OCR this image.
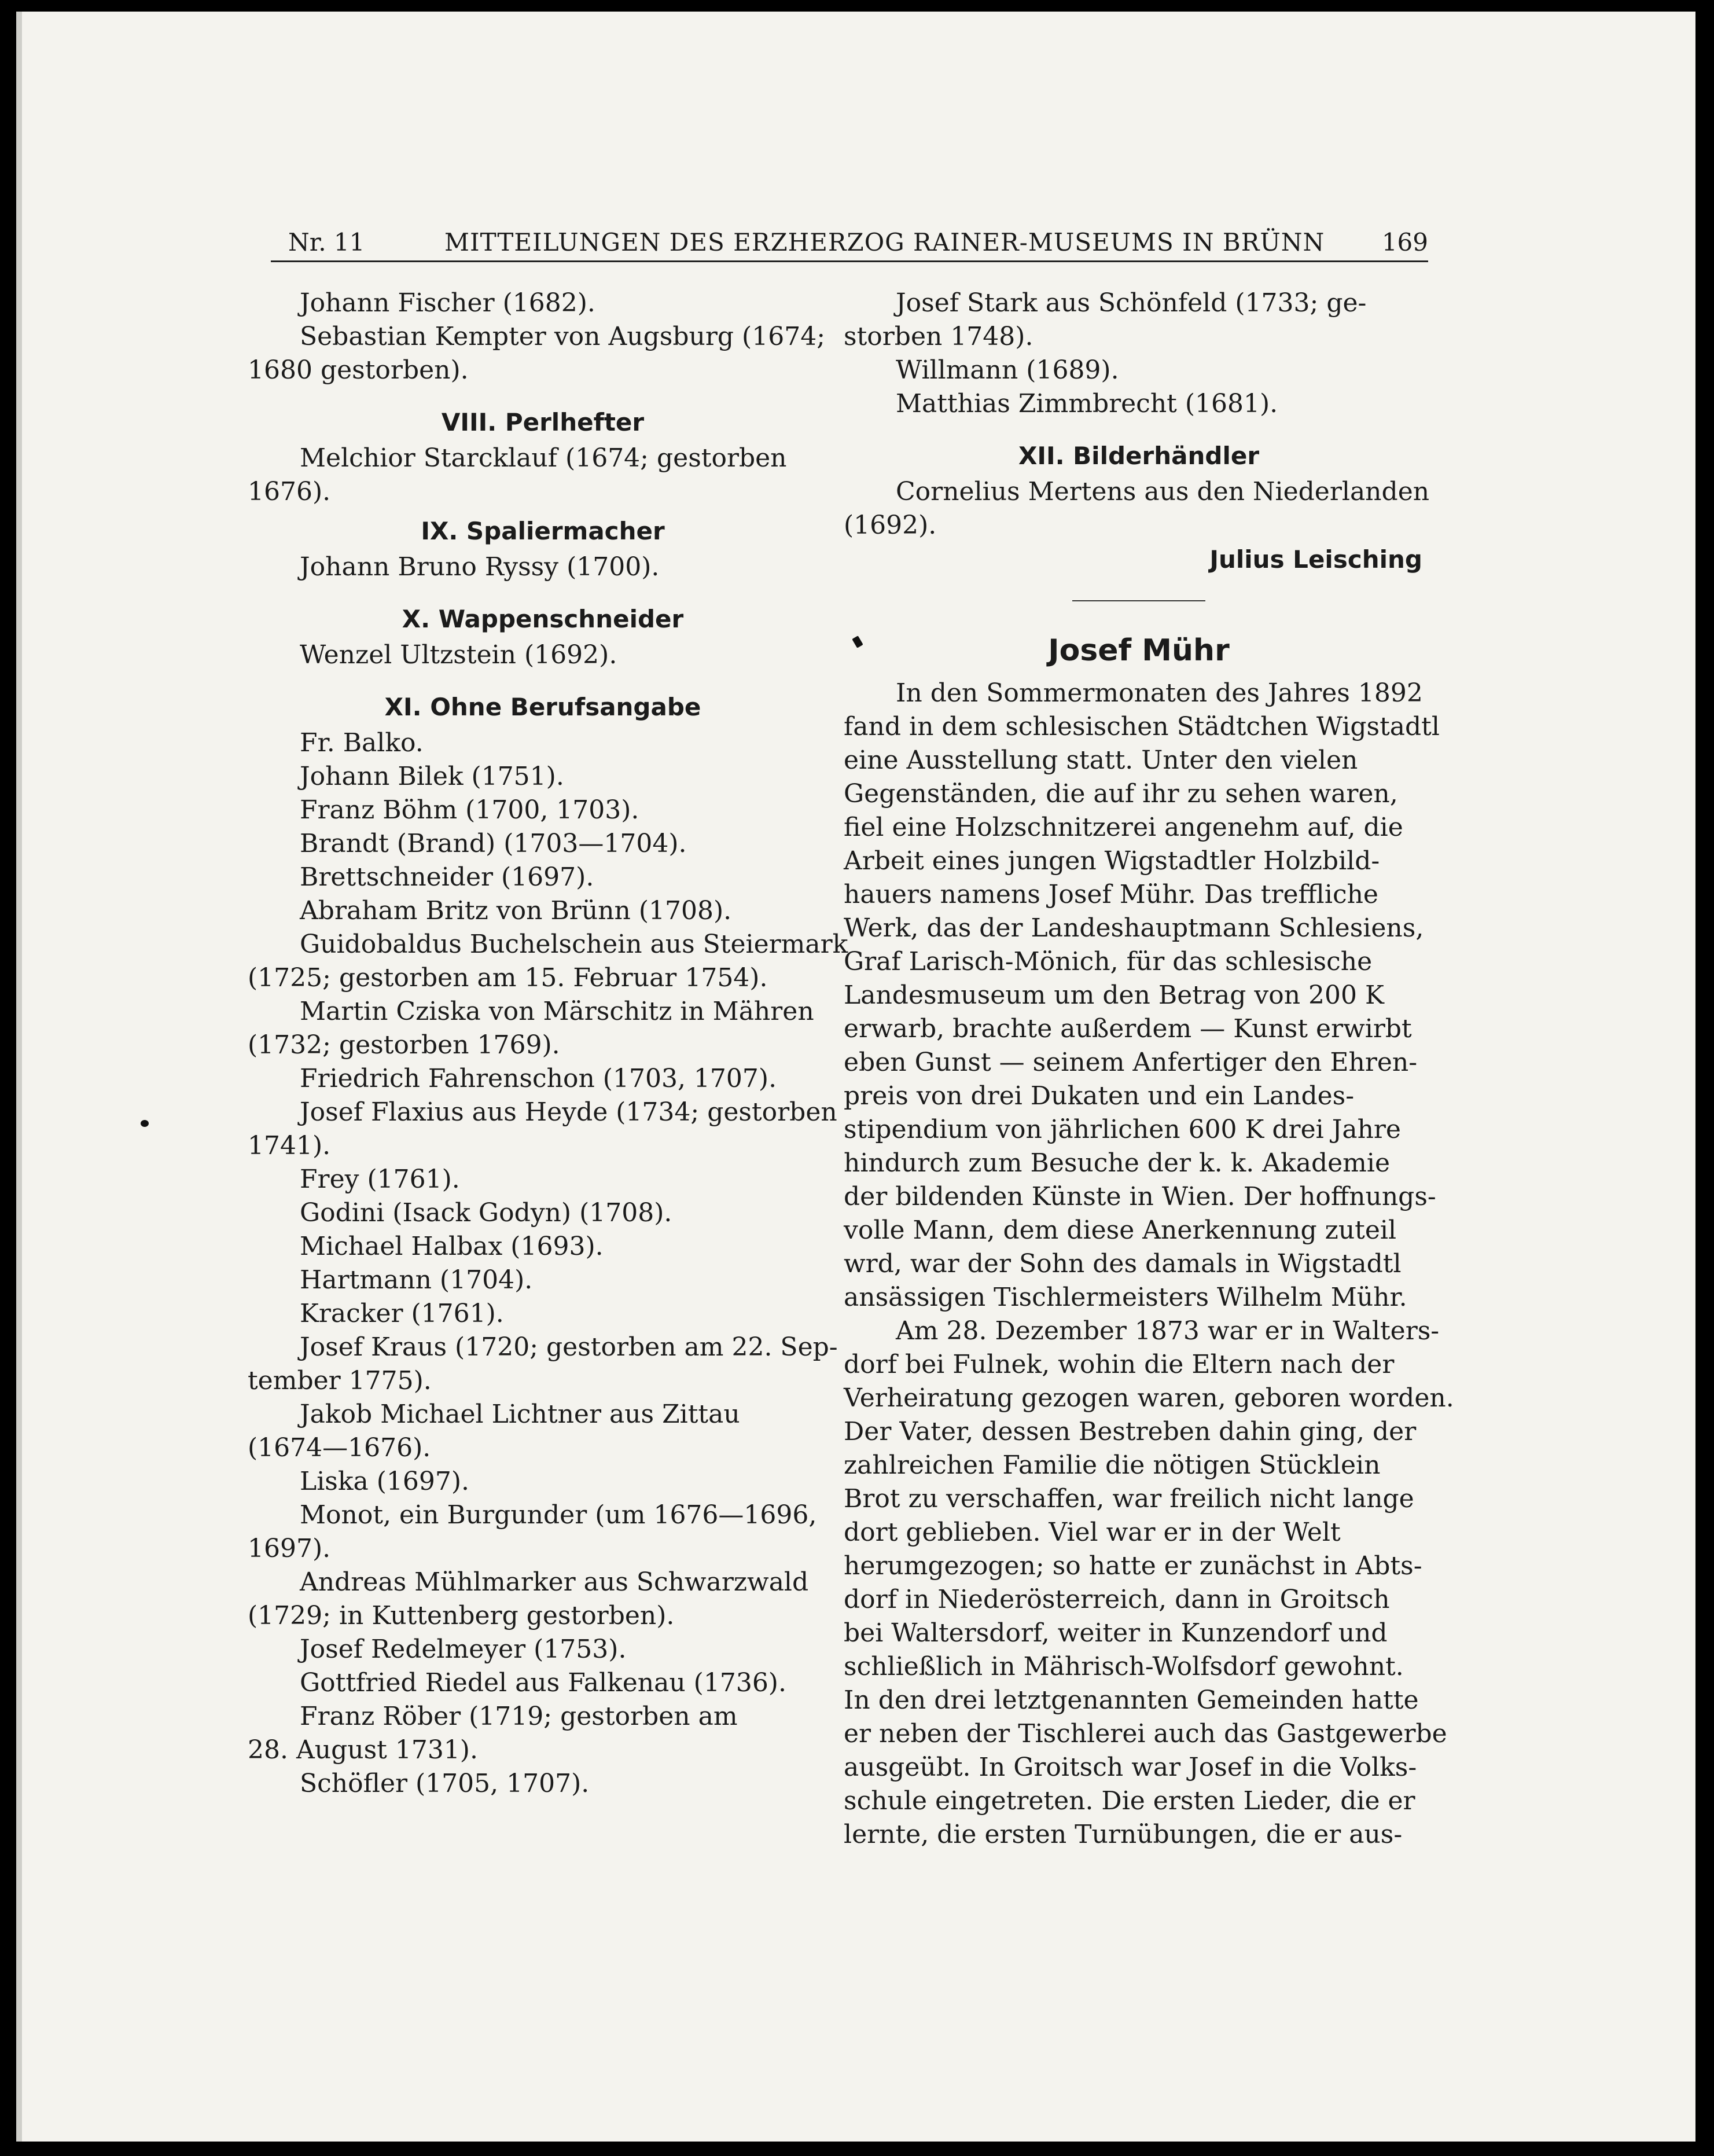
Nr. 11	MITTEILUNGEN DES ERZHERZOG RAINER-MUSEUMS IN BRÜNN 169
Johann Fischer (1682).
Sebastian Kempter von Augsburg (1674;
1680 gestorben).
VIII. Perlhefter
Melchior Starcklauf (1674; gestorben
1676).
IX. Spaliermacher
Johann Bruno Ryssy (1700).
X. Wappenschneider
Wenzel Ultzstein (1692).
XI. Ohne Berufsangabe
Fr. Balko.
Johann Bilek (1751).
Franz Böhm (1700, 1703).
Brandt (Brand) (1703—1704).
Brettschneider (1697).
Abraham Britz von Brünn (1708).
Guidobaldus Buchelschein aus Steiermark
(1725; gestorben am 15. Februar 1754).
Martin Cziska von Märschitz in Mähren
(1732; gestorben 1769).
Friedrich Fahrenschon (1703, 1707).
Josef Flaxius aus Heyde (1734; gestorben
1741).
Frey (1761).
Godini (Isack Godyn) (1708).
Michael Halbax (1693).
Hartmann (1704).
Kracker (1761).
Josef Kraus (1720; gestorben am 22. Sep-
tember 1775).
Jakob Michael Lichtner aus Zittau
(1674—1676).
Liska (1697).
Monot, ein Burgunder (um 1676—1696,
1697).
Andreas Mühlmarker aus Schwarzwald
(1729; in Kuttenberg gestorben).
Josef Redelmeyer (1753).
Gottfried Riedel aus Falkenau (1736).
Franz Röber (1719; gestorben am
28. August 1731).
Schöfler (1705, 1707).
Josef Stark aus Schönfeld (1733; ge-
storben 1748).
Willmann (1689).
Matthias Zimmbrecht (1681).
XII. Bilderhändler
Cornelius Mertens aus den Niederlanden
(1692).
Julius Leisching
Josef Mühr
In den Sommermonaten des Jahres 1892
fand in dem schlesischen Städtchen Wigstadtl
eine Ausstellung statt. Unter den vielen
Gegenständen, die auf ihr zu sehen waren,
fiel eine Holzschnitzerei angenehm auf, die
Arbeit eines jungen Wigstadtler Holzbild-
hauers namens Josef Mühr. Das treffliche
Werk, das der Landeshauptmann Schlesiens,
Graf Larisch-Mönich, für das schlesische
Landesmuseum um den Betrag von 200 K
erwarb, brachte außerdem — Kunst erwirbt
eben Gunst — seinem Anfertiger den Ehren-
preis von drei Dukaten und ein Landes-
stipendium von jährlichen 600 K drei Jahre
hindurch zum Besuche der k. k. Akademie
der bildenden Künste in Wien. Der hoffnungs-
volle Mann, dem diese Anerkennung zuteil
wrd, war der Sohn des damals in Wigstadtl
ansässigen Tischlermeisters Wilhelm Mühr.
Am 28. Dezember 1873 war er in Walters-
dorf bei Fulnek, wohin die Eltern nach der
Verheiratung gezogen waren, geboren worden.
Der Vater, dessen Bestreben dahin ging, der
zahlreichen Familie die nötigen Stücklein
Brot zu verschaffen, war freilich nicht lange
dort geblieben. Viel war er in der Welt
herumgezogen; so hatte er zunächst in Abts-
dorf in Niederösterreich, dann in Groitsch
bei Waltersdorf, weiter in Kunzendorf und
schließlich in Mährisch-Wolfsdorf gewohnt.
In den drei letztgenannten Gemeinden hatte
er neben der Tischlerei auch das Gastgewerbe
ausgeübt. In Groitsch war Josef in die Volks-
schule eingetreten. Die ersten Lieder, die er
lernte, die ersten Turnübungen, die er aus-
